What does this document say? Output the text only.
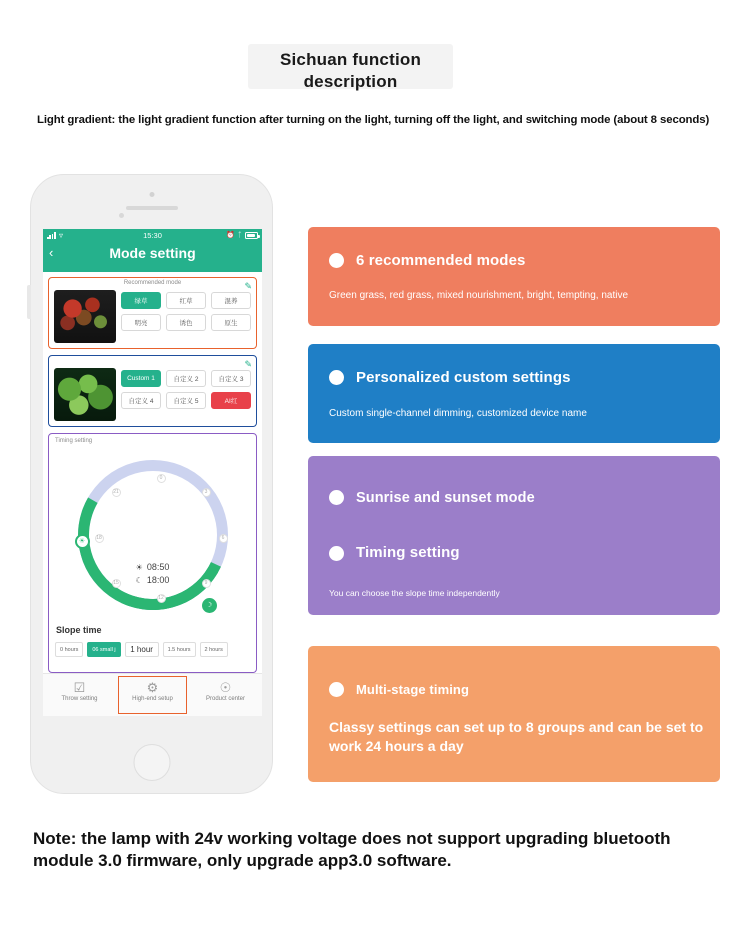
Sichuan function description
Light gradient: the light gradient function after turning on the light, turning off the light, and switching mode (about 8 seconds)
▿	15:30	⏰ ᛏ
‹	Mode setting
Recommended mode	✎
绿草	红草	混养
明亮	诱色	原生
✎
Custom 1	自定义 2	自定义 3
自定义 4	自定义 5	AI红
Timing setting
☀
☽
0
3
6
9
12
15
18
21
☀ 08:50
☾ 18:00
Slope time
0 hours	06 small j	1 hour	1.5 hours	2 hours
☑
Throw setting
⚙
High-end setup
☉
Product center
6 recommended modes

Green grass, red grass, mixed nourishment, bright, tempting, native

Personalized custom settings

Custom single-channel dimming, customized device name

Sunrise and sunset mode
Timing setting

You can choose the slope time independently

Multi-stage timing

Classy settings can set up to 8 groups and can be set to work 24 hours a day

Note: the lamp with 24v working voltage does not support upgrading bluetooth module 3.0 firmware, only upgrade app3.0 software.
